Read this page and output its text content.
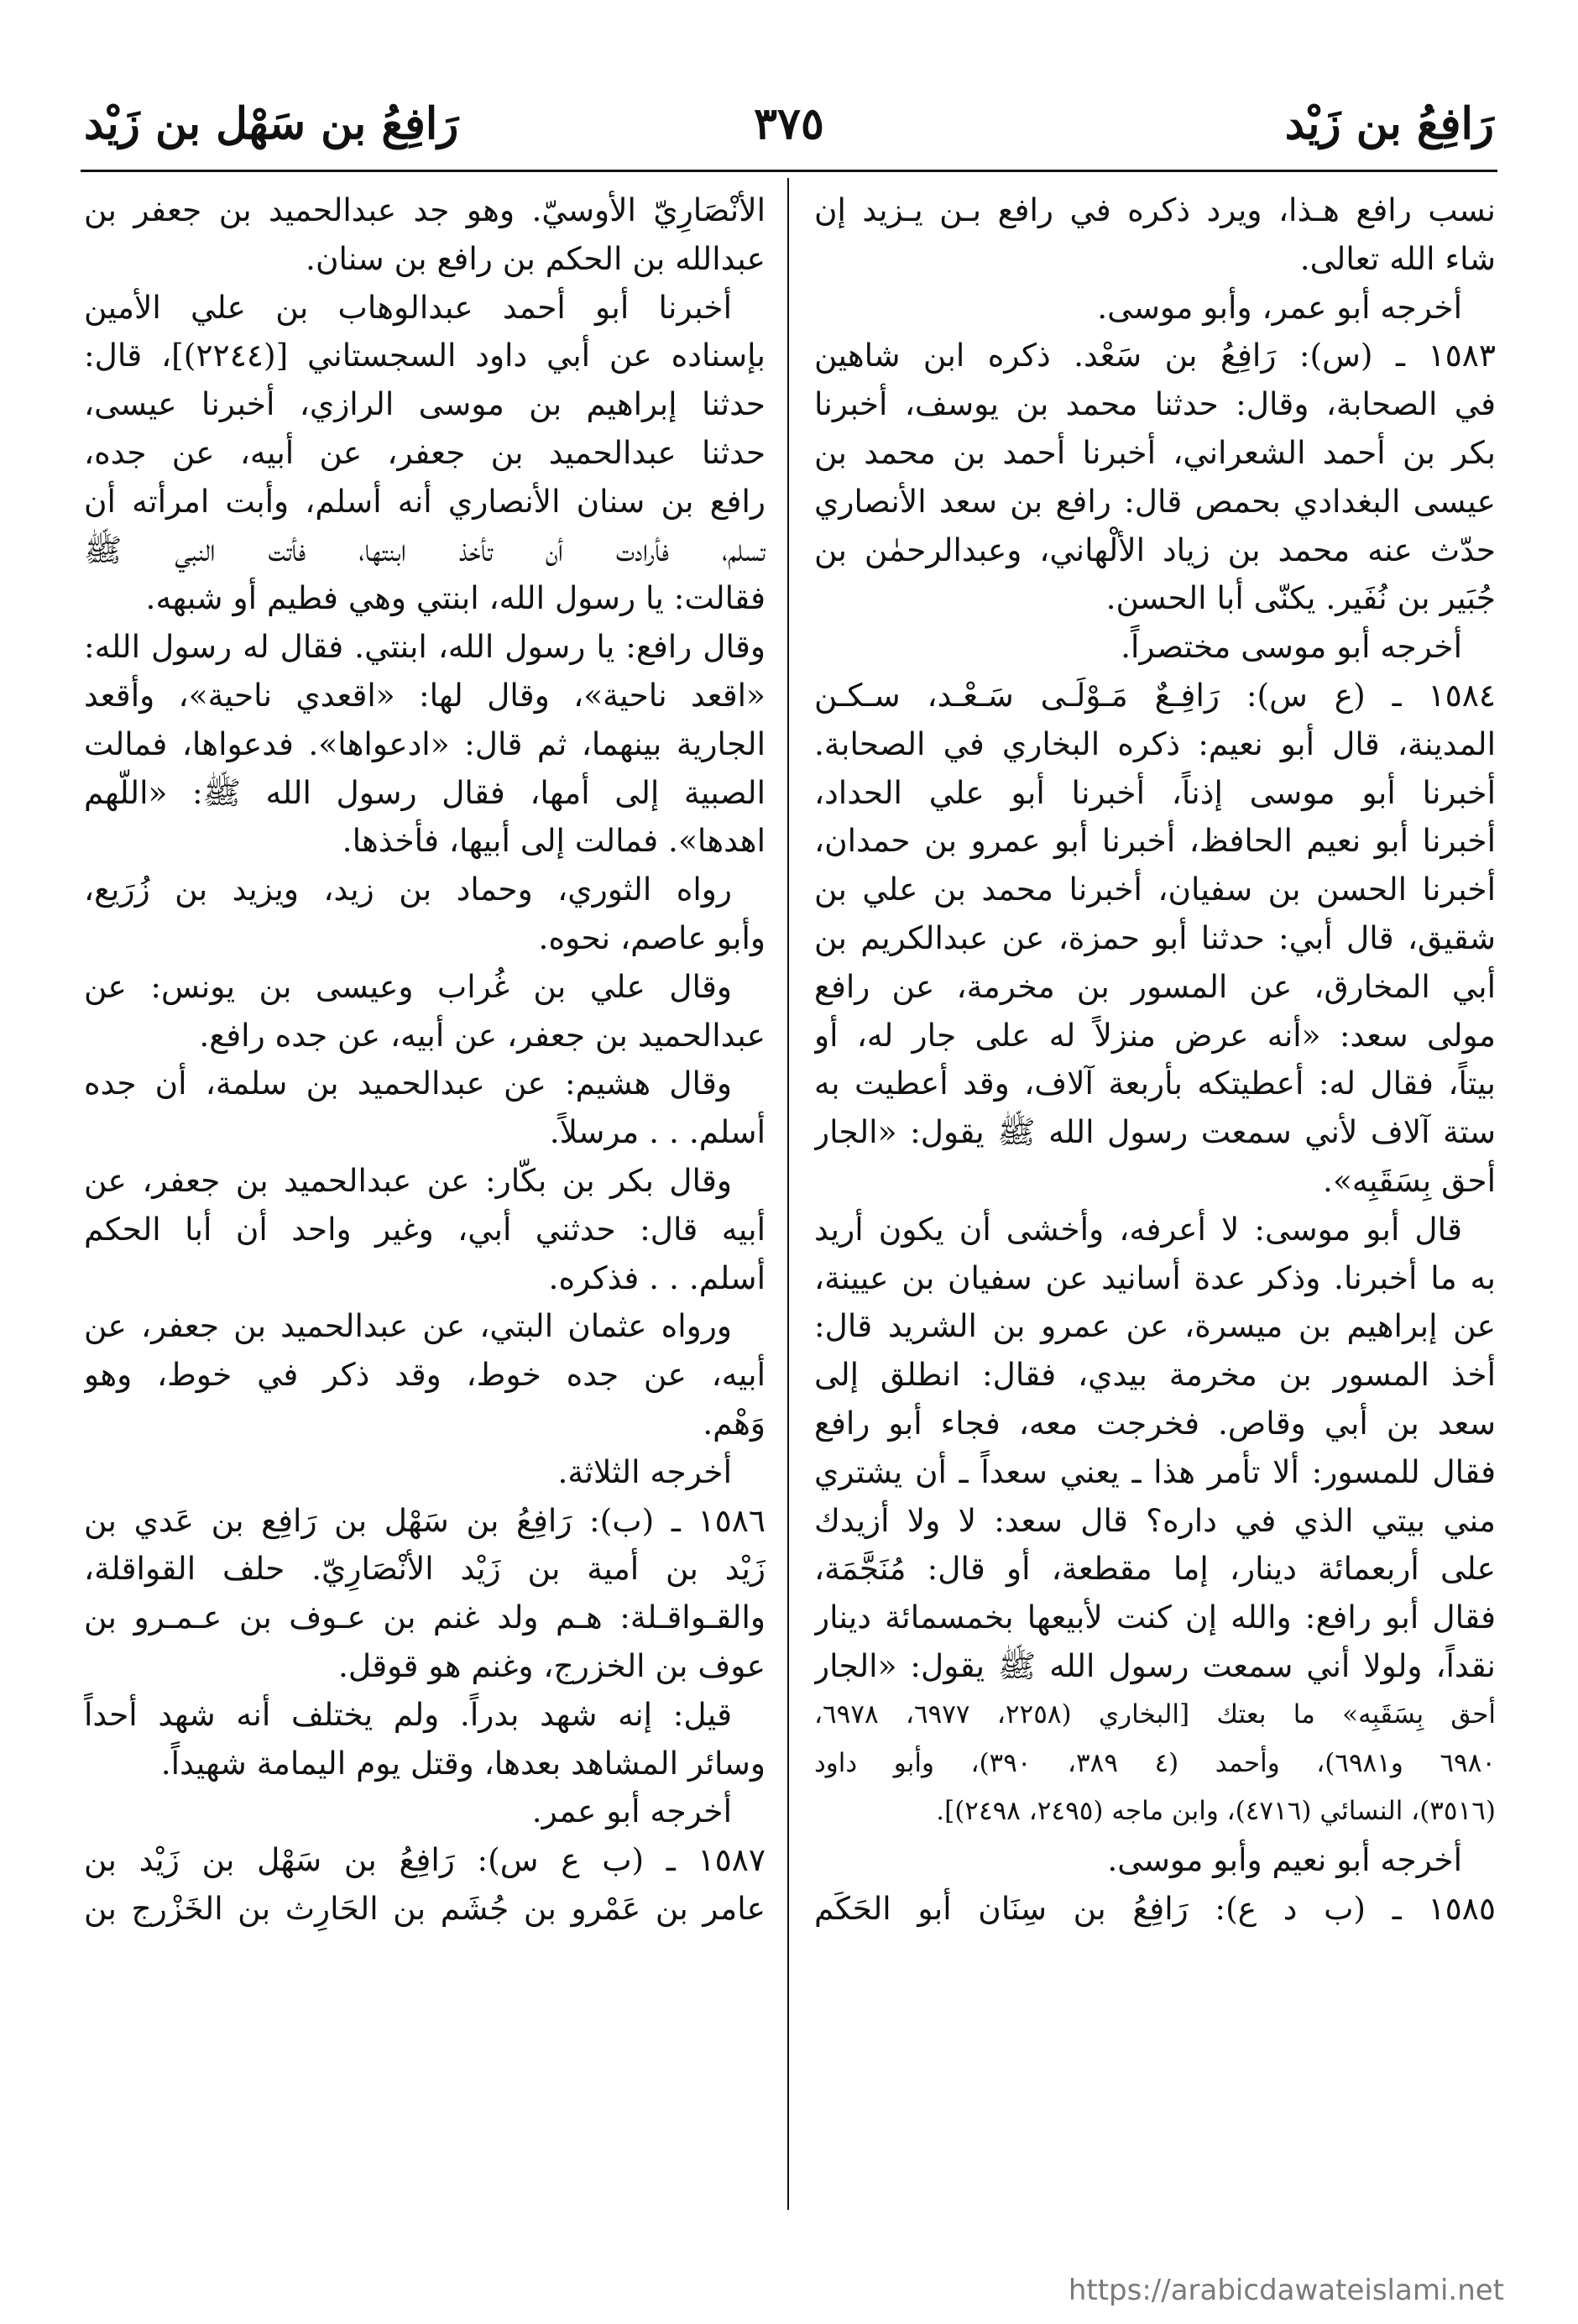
رَافِعُ بن زَيْد
٣٧٥
رَافِعُ بن سَهْل بن زَيْد
نسب رافع هـذا، ويرد ذكره في رافع بـن يـزيد إن
شاء الله تعالى.
أخرجه أبو عمر، وأبو موسى.
١٥٨٣ ـ (س): رَافِعُ بن سَعْد. ذكره ابن شاهين
في الصحابة، وقال: حدثنا محمد بن يوسف، أخبرنا
بكر بن أحمد الشعراني، أخبرنا أحمد بن محمد بن
عيسى البغدادي بحمص قال: رافع بن سعد الأنصاري
حدّث عنه محمد بن زياد الألْهاني، وعبدالرحمٰن بن
جُبَير بن نُفَير. يكنّى أبا الحسن.
أخرجه أبو موسى مختصراً.
١٥٨٤ ـ (ع س): رَافِـعٌ مَـوْلَـى سَـعْـد، سـكـن
المدينة، قال أبو نعيم: ذكره البخاري في الصحابة.
أخبرنا أبو موسى إذناً، أخبرنا أبو علي الحداد،
أخبرنا أبو نعيم الحافظ، أخبرنا أبو عمرو بن حمدان،
أخبرنا الحسن بن سفيان، أخبرنا محمد بن علي بن
شقيق، قال أبي: حدثنا أبو حمزة، عن عبدالكريم بن
أبي المخارق، عن المسور بن مخرمة، عن رافع
مولى سعد: «أنه عرض منزلاً له على جار له، أو
بيتاً، فقال له: أعطيتكه بأربعة آلاف، وقد أعطيت به
ستة آلاف لأني سمعت رسول الله ﷺ يقول: «الجار
أحق بِسَقَبِه».
قال أبو موسى: لا أعرفه، وأخشى أن يكون أريد
به ما أخبرنا. وذكر عدة أسانيد عن سفيان بن عيينة،
عن إبراهيم بن ميسرة، عن عمرو بن الشريد قال:
أخذ المسور بن مخرمة بيدي، فقال: انطلق إلى
سعد بن أبي وقاص. فخرجت معه، فجاء أبو رافع
فقال للمسور: ألا تأمر هذا ـ يعني سعداً ـ أن يشتري
مني بيتي الذي في داره؟ قال سعد: لا ولا أزيدك
على أربعمائة دينار، إما مقطعة، أو قال: مُنَجَّمَة،
فقال أبو رافع: والله إن كنت لأبيعها بخمسمائة دينار
نقداً، ولولا أني سمعت رسول الله ﷺ يقول: «الجار
أحق بِسَقَبِه» ما بعتك [البخاري (٢٢٥٨، ٦٩٧٧، ٦٩٧٨،
٦٩٨٠ و٦٩٨١)، وأحمد (٤ ٣٨٩، ٣٩٠)، وأبو داود
(٣٥١٦)، النسائي (٤٧١٦)، وابن ماجه (٢٤٩٥، ٢٤٩٨)].
أخرجه أبو نعيم وأبو موسى.
١٥٨٥ ـ (ب د ع): رَافِعُ بن سِنَان أبو الحَكَم
الأنْصَارِيّ الأوسيّ. وهو جد عبدالحميد بن جعفر بن
عبدالله بن الحكم بن رافع بن سنان.
أخبرنا أبو أحمد عبدالوهاب بن علي الأمين
بإسناده عن أبي داود السجستاني [(٢٢٤٤)]، قال:
حدثنا إبراهيم بن موسى الرازي، أخبرنا عيسى،
حدثنا عبدالحميد بن جعفر، عن أبيه، عن جده،
رافع بن سنان الأنصاري أنه أسلم، وأبت امرأته أن
تسلم، فأرادت أن تأخذ ابنتها، فأتت النبي ﷺ
فقالت: يا رسول الله، ابنتي وهي فطيم أو شبهه.
وقال رافع: يا رسول الله، ابنتي. فقال له رسول الله:
«اقعد ناحية»، وقال لها: «اقعدي ناحية»، وأقعد
الجارية بينهما، ثم قال: «ادعواها». فدعواها، فمالت
الصبية إلى أمها، فقال رسول الله ﷺ: «اللّهم
اهدها». فمالت إلى أبيها، فأخذها.
رواه الثوري، وحماد بن زيد، ويزيد بن زُرَيع،
وأبو عاصم، نحوه.
وقال علي بن غُراب وعيسى بن يونس: عن
عبدالحميد بن جعفر، عن أبيه، عن جده رافع.
وقال هشيم: عن عبدالحميد بن سلمة، أن جده
أسلم. . . مرسلاً.
وقال بكر بن بكّار: عن عبدالحميد بن جعفر، عن
أبيه قال: حدثني أبي، وغير واحد أن أبا الحكم
أسلم. . . فذكره.
ورواه عثمان البتي، عن عبدالحميد بن جعفر، عن
أبيه، عن جده خوط، وقد ذكر في خوط، وهو
وَهْم.
أخرجه الثلاثة.
١٥٨٦ ـ (ب): رَافِعُ بن سَهْل بن رَافِع بن عَدي بن
زَيْد بن أمية بن زَيْد الأنْصَارِيّ. حلف القواقلة،
والقـواقـلة: هـم ولد غنم بن عـوف بن عـمـرو بن
عوف بن الخزرج، وغنم هو قوقل.
قيل: إنه شهد بدراً. ولم يختلف أنه شهد أحداً
وسائر المشاهد بعدها، وقتل يوم اليمامة شهيداً.
أخرجه أبو عمر.
١٥٨٧ ـ (ب ع س): رَافِعُ بن سَهْل بن زَيْد بن
عامر بن عَمْرو بن جُشَم بن الحَارِث بن الخَزْرج بن
https://arabicdawateislami.net
